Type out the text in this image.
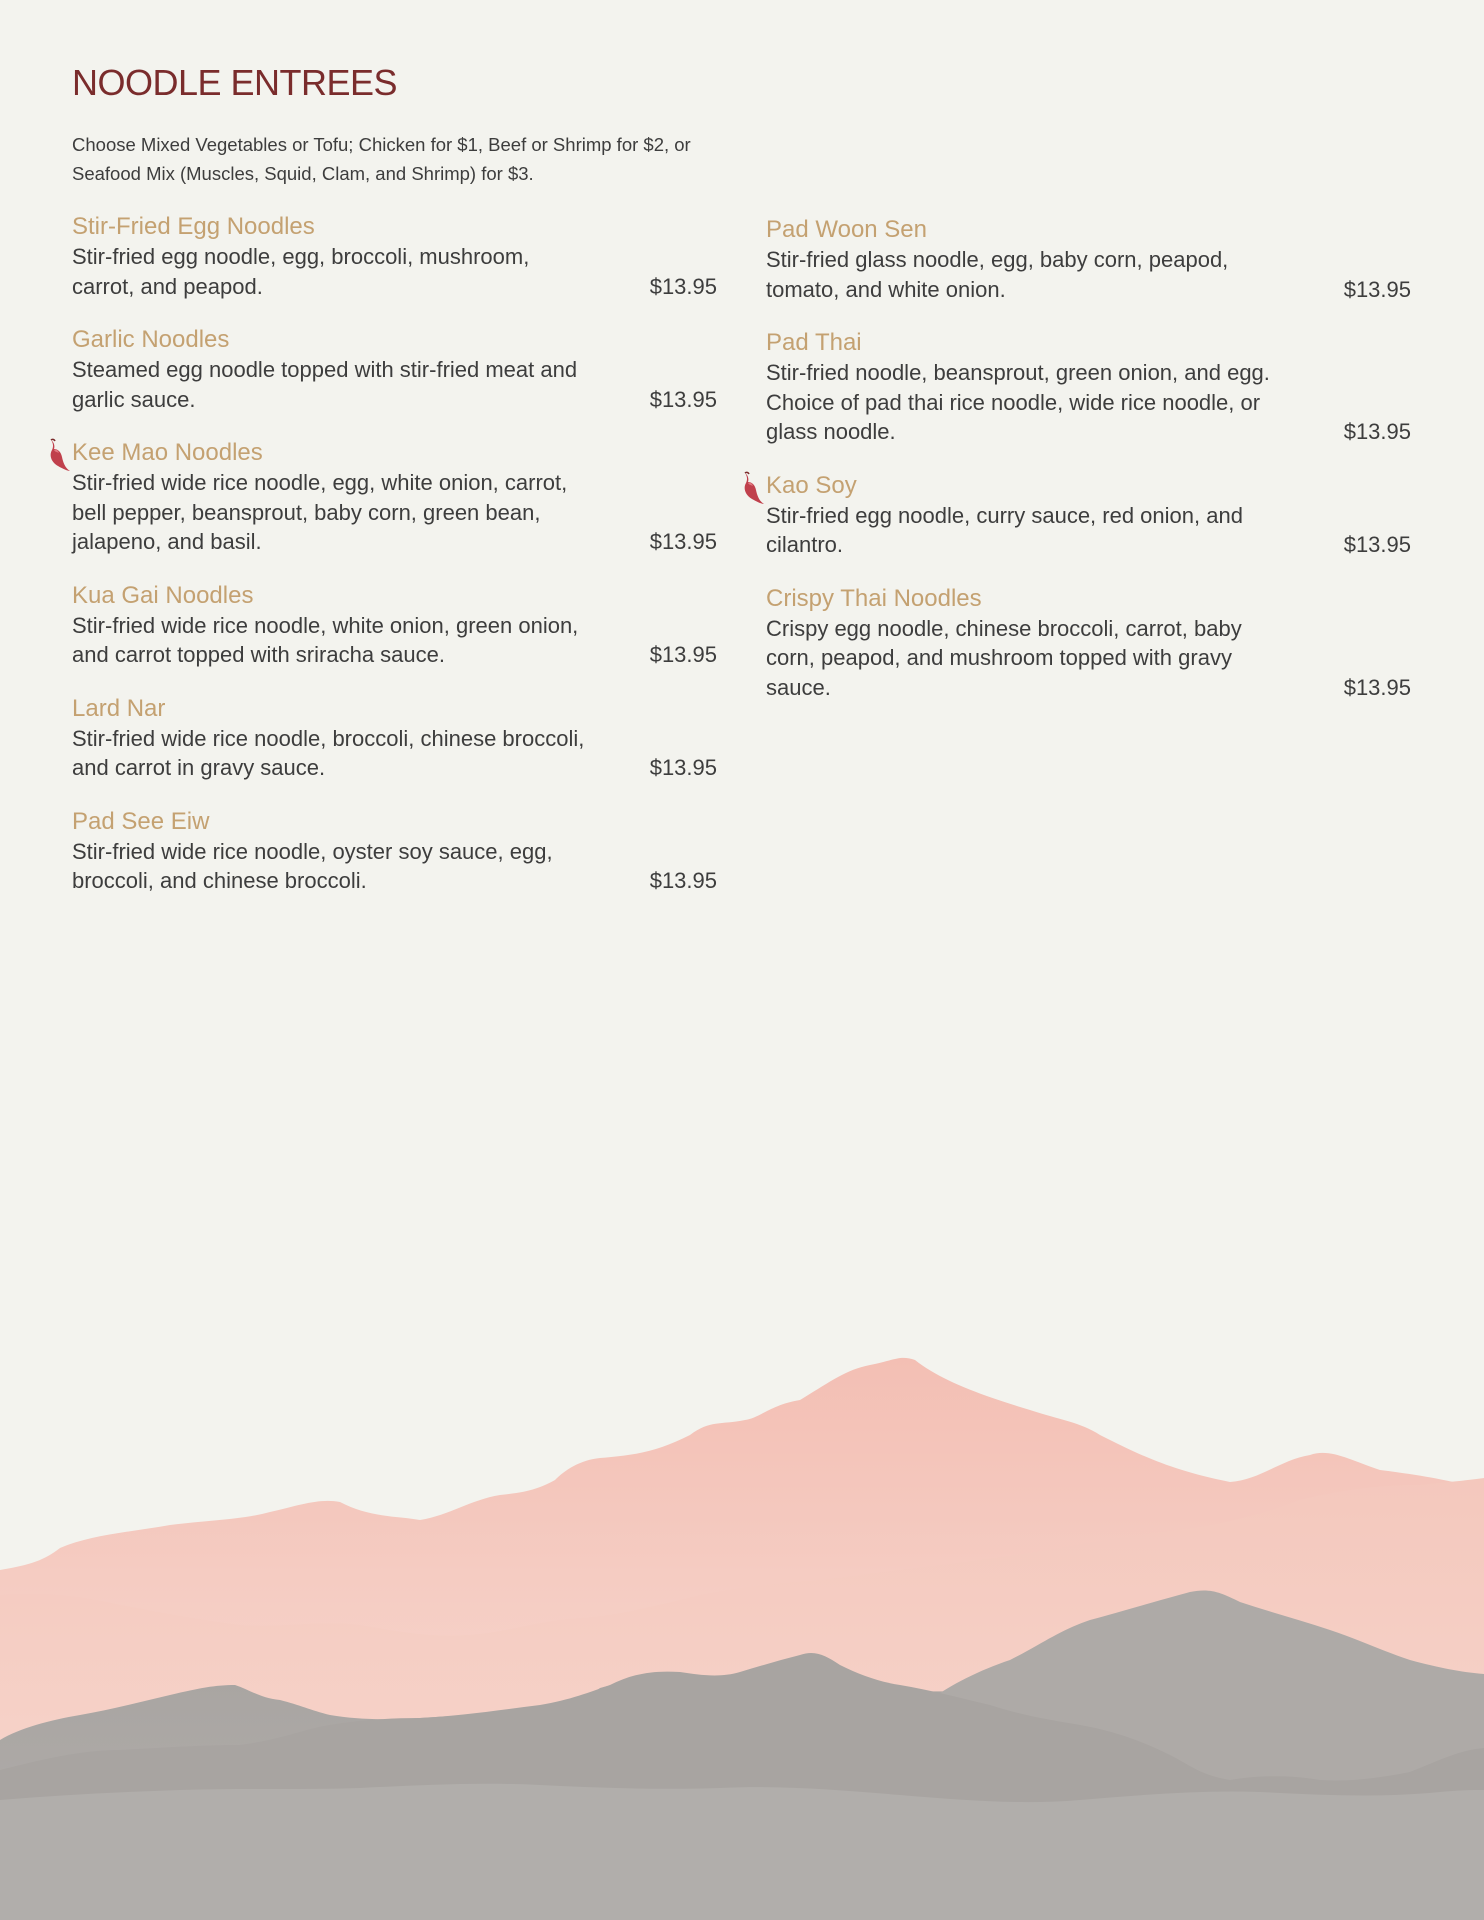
NOODLE ENTREES

Choose Mixed Vegetables or Tofu; Chicken for $1, Beef or Shrimp for $2, or Seafood Mix (Muscles, Squid, Clam, and Shrimp) for $3.

Stir-Fried Egg Noodles
Stir-fried egg noodle, egg, broccoli, mushroom, carrot, and peapod.	$13.95
Garlic Noodles
Steamed egg noodle topped with stir-fried meat and garlic sauce.	$13.95
Kee Mao Noodles
Stir-fried wide rice noodle, egg, white onion, carrot, bell pepper, beansprout, baby corn, green bean, jalapeno, and basil.	$13.95
Kua Gai Noodles
Stir-fried wide rice noodle, white onion, green onion, and carrot topped with sriracha sauce.	$13.95
Lard Nar
Stir-fried wide rice noodle, broccoli, chinese broccoli, and carrot in gravy sauce.	$13.95
Pad See Eiw
Stir-fried wide rice noodle, oyster soy sauce, egg, broccoli, and chinese broccoli.	$13.95
Pad Woon Sen
Stir-fried glass noodle, egg, baby corn, peapod, tomato, and white onion.	$13.95
Pad Thai
Stir-fried noodle, beansprout, green onion, and egg. Choice of pad thai rice noodle, wide rice noodle, or glass noodle.	$13.95
Kao Soy
Stir-fried egg noodle, curry sauce, red onion, and cilantro.	$13.95
Crispy Thai Noodles
Crispy egg noodle, chinese broccoli, carrot, baby corn, peapod, and mushroom topped with gravy sauce.	$13.95
